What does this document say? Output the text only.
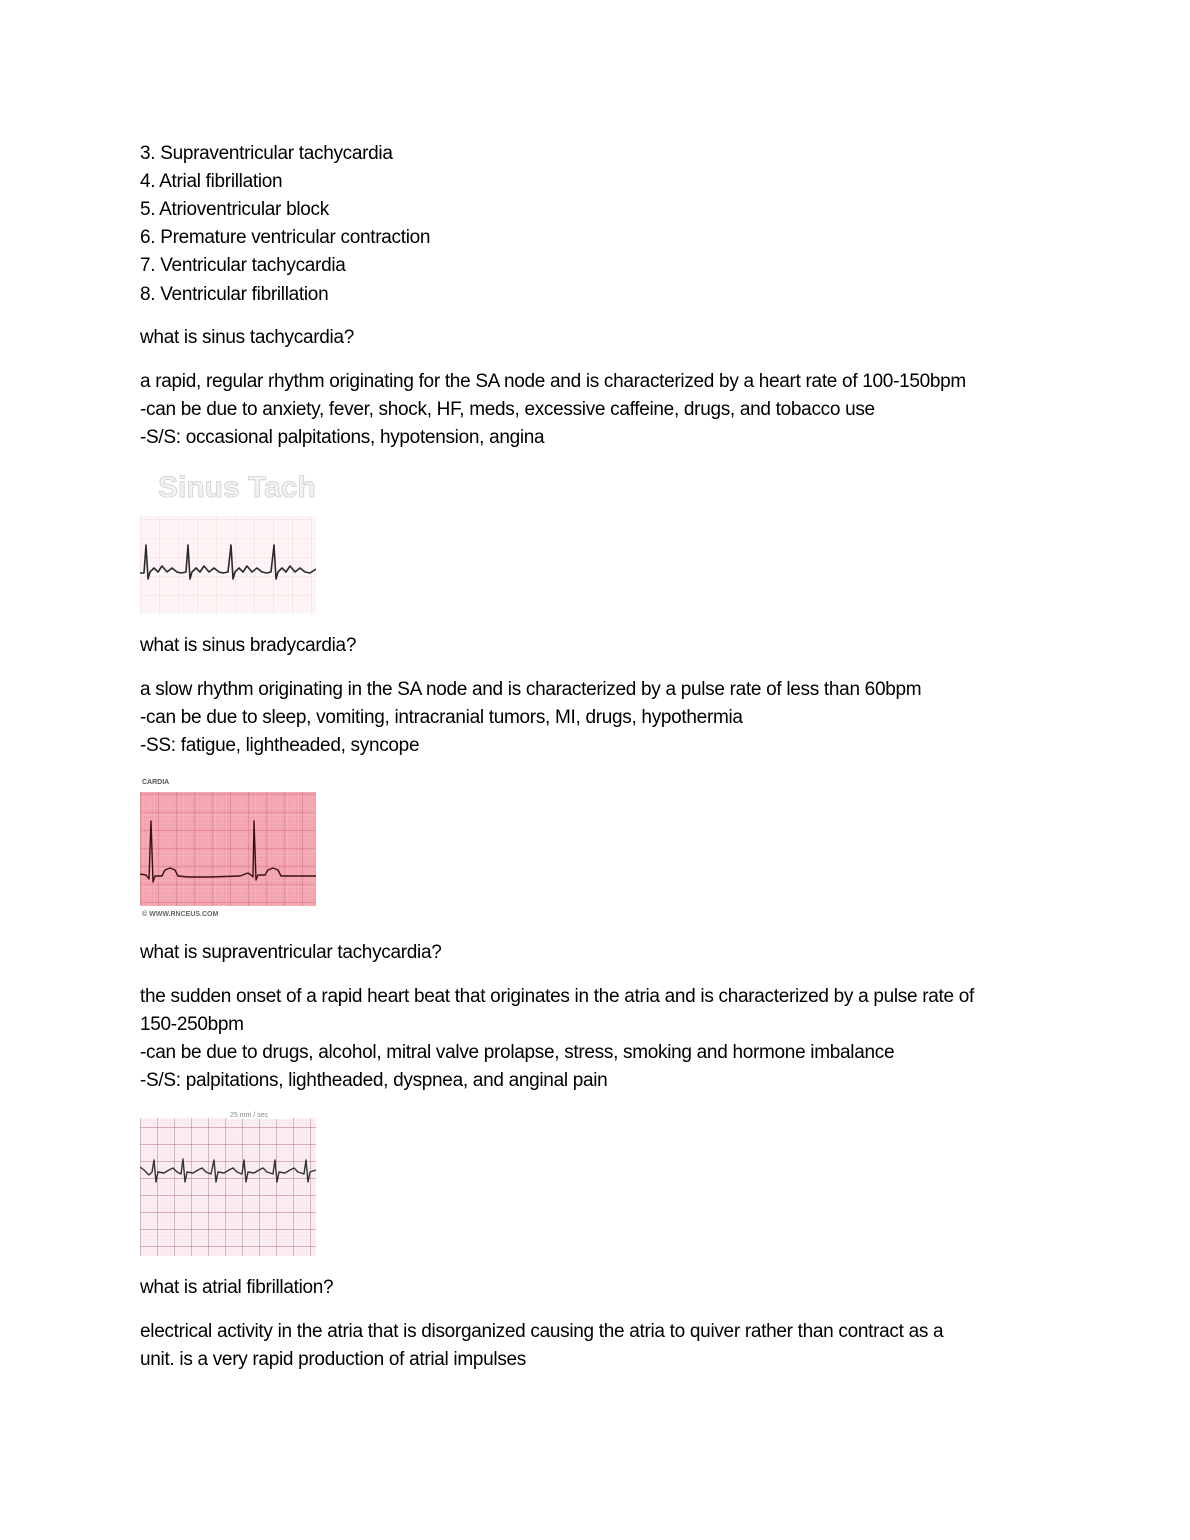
3. Supraventricular tachycardia
4. Atrial fibrillation
5. Atrioventricular block
6. Premature ventricular contraction
7. Ventricular tachycardia
8. Ventricular fibrillation
what is sinus tachycardia?
a rapid, regular rhythm originating for the SA node and is characterized by a heart rate of 100-150bpm
-can be due to anxiety, fever, shock, HF, meds, excessive caffeine, drugs, and tobacco use
-S/S: occasional palpitations, hypotension, angina
Sinus Tach
what is sinus bradycardia?
a slow rhythm originating in the SA node and is characterized by a pulse rate of less than 60bpm
-can be due to sleep, vomiting, intracranial tumors, MI, drugs, hypothermia
-SS: fatigue, lightheaded, syncope
CARDIA
© WWW.RNCEUS.COM
what is supraventricular tachycardia?
the sudden onset of a rapid heart beat that originates in the atria and is characterized by a pulse rate of
150-250bpm
-can be due to drugs, alcohol, mitral valve prolapse, stress, smoking and hormone imbalance
-S/S: palpitations, lightheaded, dyspnea, and anginal pain
25 mm / sec
what is atrial fibrillation?
electrical activity in the atria that is disorganized causing the atria to quiver rather than contract as a
unit. is a very rapid production of atrial impulses
